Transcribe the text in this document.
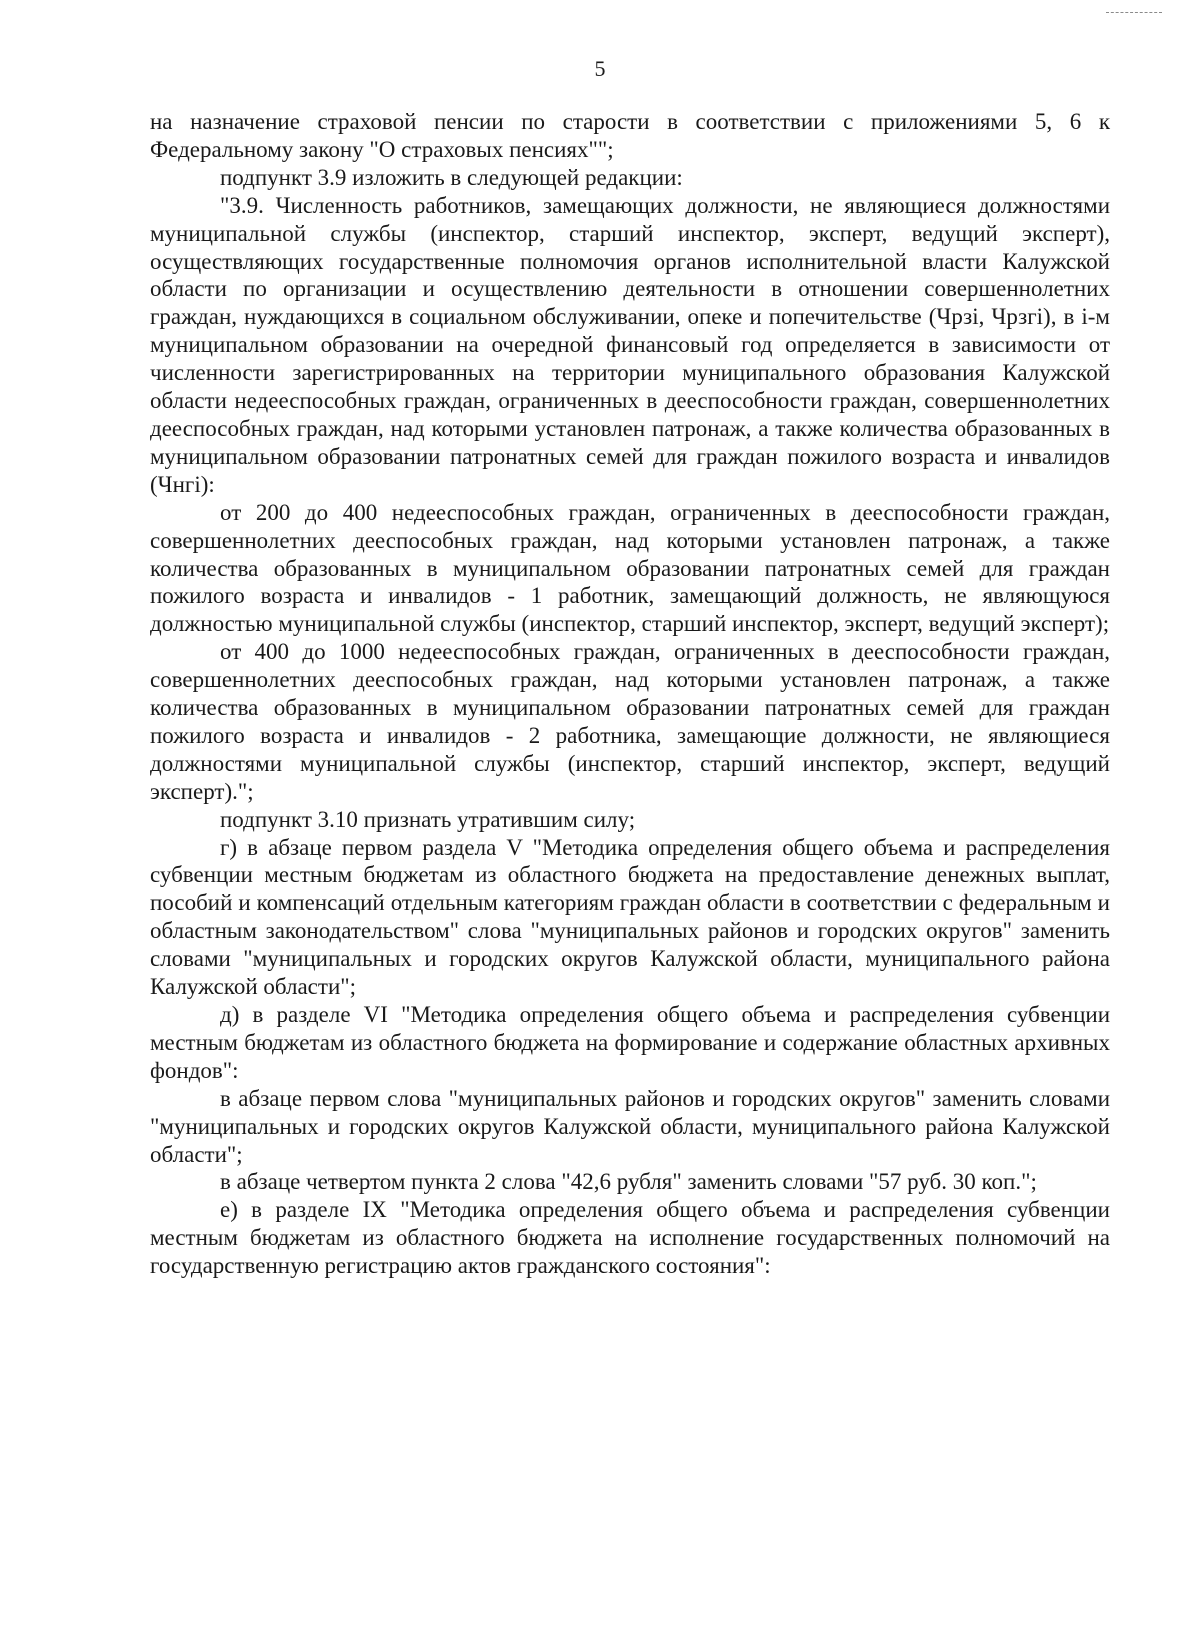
5

на назначение страховой пенсии по старости в соответствии с приложениями 5, 6 к Федеральному закону "О страховых пенсиях"";

подпункт 3.9 изложить в следующей редакции:

"3.9. Численность работников, замещающих должности, не являющиеся должностями муниципальной службы (инспектор, старший инспектор, эксперт, ведущий эксперт), осуществляющих государственные полномочия органов исполнительной власти Калужской области по организации и осуществлению деятельности в отношении совершеннолетних граждан, нуждающихся в социальном обслуживании, опеке и попечительстве (Чрзi, Чрзгi), в i-м муниципальном образовании на очередной финансовый год определяется в зависимости от численности зарегистрированных на территории муниципального образования Калужской области недееспособных граждан, ограниченных в дееспособности граждан, совершеннолетних дееспособных граждан, над которыми установлен патронаж, а также количества образованных в муниципальном образовании патронатных семей для граждан пожилого возраста и инвалидов (Чнгi):

от 200 до 400 недееспособных граждан, ограниченных в дееспособности граждан, совершеннолетних дееспособных граждан, над которыми установлен патронаж, а также количества образованных в муниципальном образовании патронатных семей для граждан пожилого возраста и инвалидов - 1 работник, замещающий должность, не являющуюся должностью муниципальной службы (инспектор, старший инспектор, эксперт, ведущий эксперт);

от 400 до 1000 недееспособных граждан, ограниченных в дееспособности граждан, совершеннолетних дееспособных граждан, над которыми установлен патронаж, а также количества образованных в муниципальном образовании патронатных семей для граждан пожилого возраста и инвалидов - 2 работника, замещающие должности, не являющиеся должностями муниципальной службы (инспектор, старший инспектор, эксперт, ведущий эксперт).";

подпункт 3.10 признать утратившим силу;

г) в абзаце первом раздела V "Методика определения общего объема и распределения субвенции местным бюджетам из областного бюджета на предоставление денежных выплат, пособий и компенсаций отдельным категориям граждан области в соответствии с федеральным и областным законодательством" слова "муниципальных районов и городских округов" заменить словами "муниципальных и городских округов Калужской области, муниципального района Калужской области";

д) в разделе VI "Методика определения общего объема и распределения субвенции местным бюджетам из областного бюджета на формирование и содержание областных архивных фондов":

в абзаце первом слова "муниципальных районов и городских округов" заменить словами "муниципальных и городских округов Калужской области, муниципального района Калужской области";

в абзаце четвертом пункта 2 слова "42,6 рубля" заменить словами "57 руб. 30 коп.";

е) в разделе IX "Методика определения общего объема и распределения субвенции местным бюджетам из областного бюджета на исполнение государственных полномочий на государственную регистрацию актов гражданского состояния":
